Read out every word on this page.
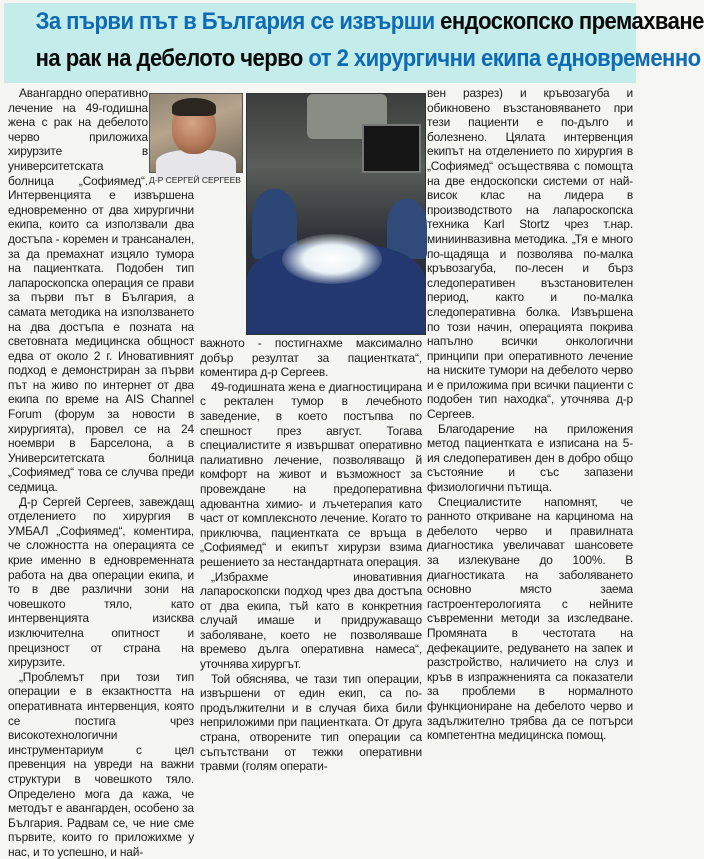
За първи път в България се извърши ендоскопско премахване
на рак на дебелото черво от 2 хирургични екипа едновременно

Авангардно оперативно лечение на 49-годишна жена с рак на дебелото черво приложиха хирурзите в университетската болница „Софиямед“. Интервенцията е извършена едновременно от два хирургични екипа, които са използвали два достъпа - коремен и трансанален, за да премахнат изцяло тумора на пациентката. Подобен тип лапароскопска операция се прави за първи път в България, а самата методика на използването на два достъпа е позната на световната медицинска общност едва от около 2 г. Иновативният подход е демонстриран за първи път на живо по интернет от два екипа по време на AIS Channel Forum (форум за новости в хирургията), провел се на 24 ноември в Барселона, а в Университетската болница „Софиямед“ това се случва преди седмица.

Д-р Сергей Сергеев, завеждащ отделението по хирургия в УМБАЛ „Софиямед“, коментира, че сложността на операцията се крие именно в едновременната работа на два операции екипа, и то в две различни зони на човешкото тяло, като интервенцията изисква изключителна опитност и прецизност от страна на хирурзите.

„Проблемът при този тип операции е в екзактността на оперативната интервенция, която се постига чрез високотехнологични инструментариум с цел превенция на увреди на важни структури в човешкото тяло. Определено мога да кажа, че методът е авангарден, особено за България. Радвам се, че ние сме първите, които го приложихме у нас, и то успешно, и най-

Д-Р СЕРГЕЙ СЕРГЕЕВ

важното - постигнахме максимално добър резултат за пациентката“, коментира д-р Сергеев.

49-годишната жена е диагностицирана с ректален тумор в лечебното заведение, в което постъпва по спешност през август. Тогава специалистите я извършват оперативно палиативно лечение, позволяващо й комфорт на живот и възможност за провеждане на предоперативна адювантна химио- и лъчетерапия като част от комплексното лечение. Когато то приключва, пациентката се връща в „Софиямед“ и екипът хирурзи взима решението за нестандартната операция.

„Избрахме иновативния лапароскопски подход чрез два достъпа от два екипа, тъй като в конкретния случай имаше и придружаващо заболяване, което не позволяваше времево дълга оперативна намеса“, уточнява хирургът.

Той обяснява, че тази тип операции, извършени от един екип, са по-продължителни и в случая биха били неприложими при пациентката. От друга страна, отворените тип операции са съпътствани от тежки оперативни травми (голям операти-

вен разрез) и кръвозагуба и обикновено възстановяването при тези пациенти е по-дълго и болезнено. Цялата интервенция екипът на отделението по хирургия в „Софиямед“ осъществява с помощта на две ендоскопски системи от най-висок клас на лидера в производството на лапароскопска техника Karl Stortz чрез т.нар. миниинвазивна методика. „Тя е много по-щадяща и позволява по-малка кръвозагуба, по-лесен и бърз следоперативен възстановителен период, както и по-малка следоперативна болка. Извършена по този начин, операцията покрива напълно всички онкологични принципи при оперативното лечение на ниските тумори на дебелото черво и е приложима при всички пациенти с подобен тип находка“, уточнява д-р Сергеев.

Благодарение на приложения метод пациентката е изписана на 5-ия следоперативен ден в добро общо състояние и със запазени физиологични пътища.

Специалистите напомнят, че ранното откриване на карцинома на дебелото черво и правилната диагностика увеличават шансовете за излекуване до 100%. В диагностиката на заболяването основно място заема гастроентерологията с нейните съвременни методи за изследване. Промяната в честотата на дефекациите, редуването на запек и разстройство, наличието на слуз и кръв в изпражненията са показатели за проблеми в нормалното функциониране на дебелото черво и задължително трябва да се потърси компетентна медицинска помощ.
